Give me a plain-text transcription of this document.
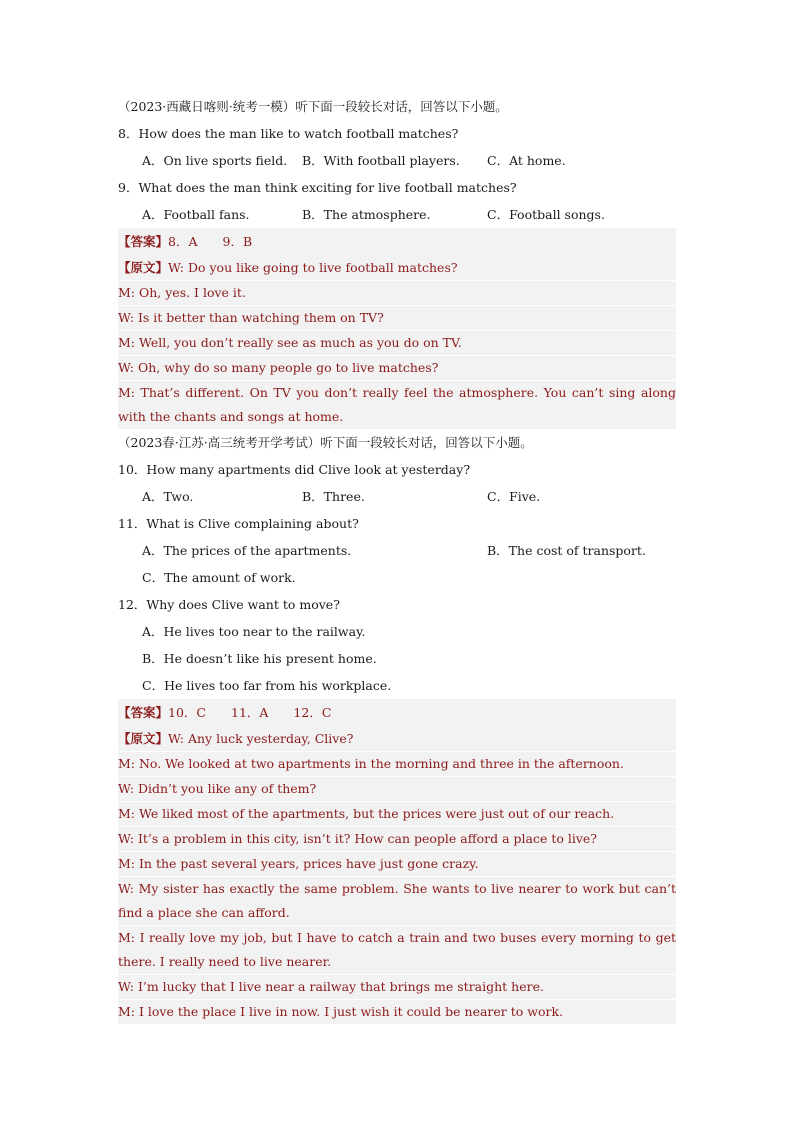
（2023·西藏日喀则·统考一模）听下面一段较长对话，回答以下小题。
8．How does the man like to watch football matches?
A．On live sports field.	B．With football players.	C．At home.
9．What does the man think exciting for live football matches?
A．Football fans.	B．The atmosphere.	C．Football songs.
【答案】8．A　　9．B

【原文】W: Do you like going to live football matches?

M: Oh, yes. I love it.

W: Is it better than watching them on TV?

M: Well, you don’t really see as much as you do on TV.

W: Oh, why do so many people go to live matches?

M: That’s different. On TV you don’t really feel the atmosphere. You can’t sing along with the chants and songs at home.

（2023春·江苏·高三统考开学考试）听下面一段较长对话，回答以下小题。
10．How many apartments did Clive look at yesterday?
A．Two.	B．Three.	C．Five.
11．What is Clive complaining about?
A．The prices of the apartments.	B．The cost of transport.
C．The amount of work.
12．Why does Clive want to move?
A．He lives too near to the railway.
B．He doesn’t like his present home.
C．He lives too far from his workplace.
【答案】10．C　　11．A　　12．C

【原文】W: Any luck yesterday, Clive?

M: No. We looked at two apartments in the morning and three in the afternoon.

W: Didn’t you like any of them?

M: We liked most of the apartments, but the prices were just out of our reach.

W: It’s a problem in this city, isn’t it? How can people afford a place to live?

M: In the past several years, prices have just gone crazy.

W: My sister has exactly the same problem. She wants to live nearer to work but can’t find a place she can afford.

M: I really love my job, but I have to catch a train and two buses every morning to get there. I really need to live nearer.

W: I’m lucky that I live near a railway that brings me straight here.

M: I love the place I live in now. I just wish it could be nearer to work.
